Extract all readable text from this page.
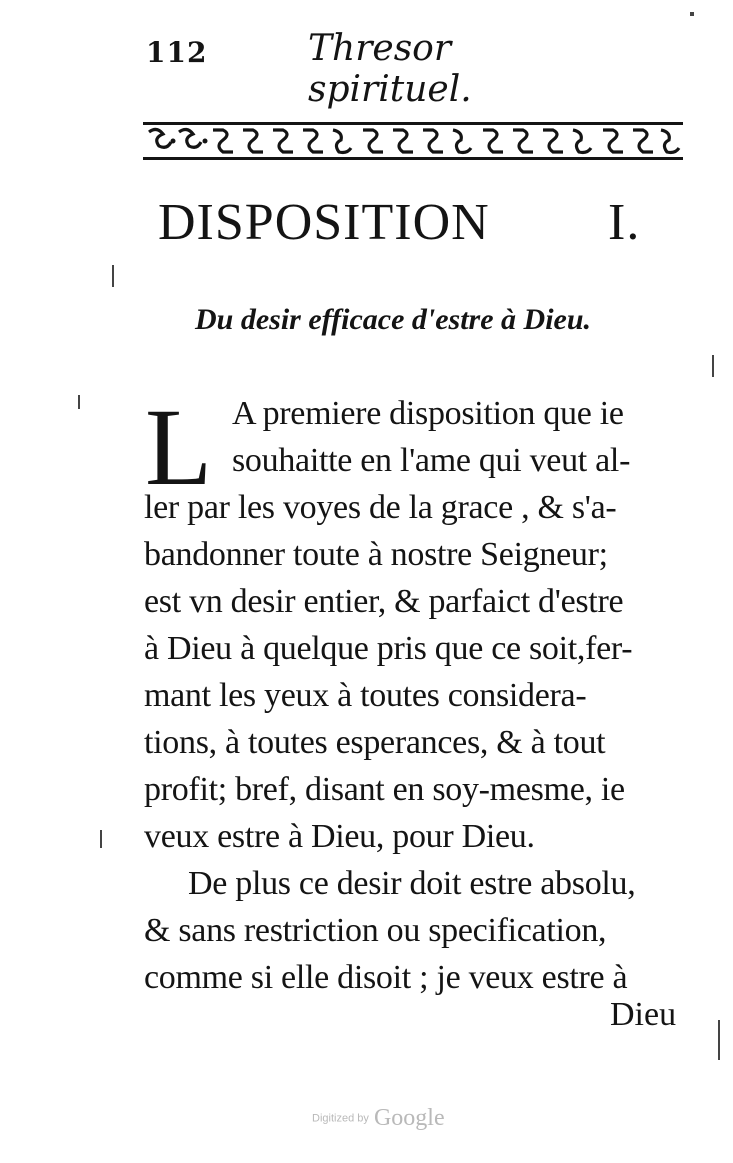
112	Thresor spirituel.
DISPOSITION I.
Du desir efficace d'estre à Dieu.
L A premiere disposition que ie
souhaitte en l'ame qui veut al-
ler par les voyes de la grace , & s'a-
bandonner toute à nostre Seigneur;
est vn desir entier, & parfaict d'estre
à Dieu à quelque pris que ce soit,fer-
mant les yeux à toutes considera-
tions, à toutes esperances, & à tout
profit; bref, disant en soy-mesme, ie
veux estre à Dieu, pour Dieu.
De plus ce desir doit estre absolu,
& sans restriction ou specification,
comme si elle disoit ; je veux estre à
Dieu
Digitized by Google
